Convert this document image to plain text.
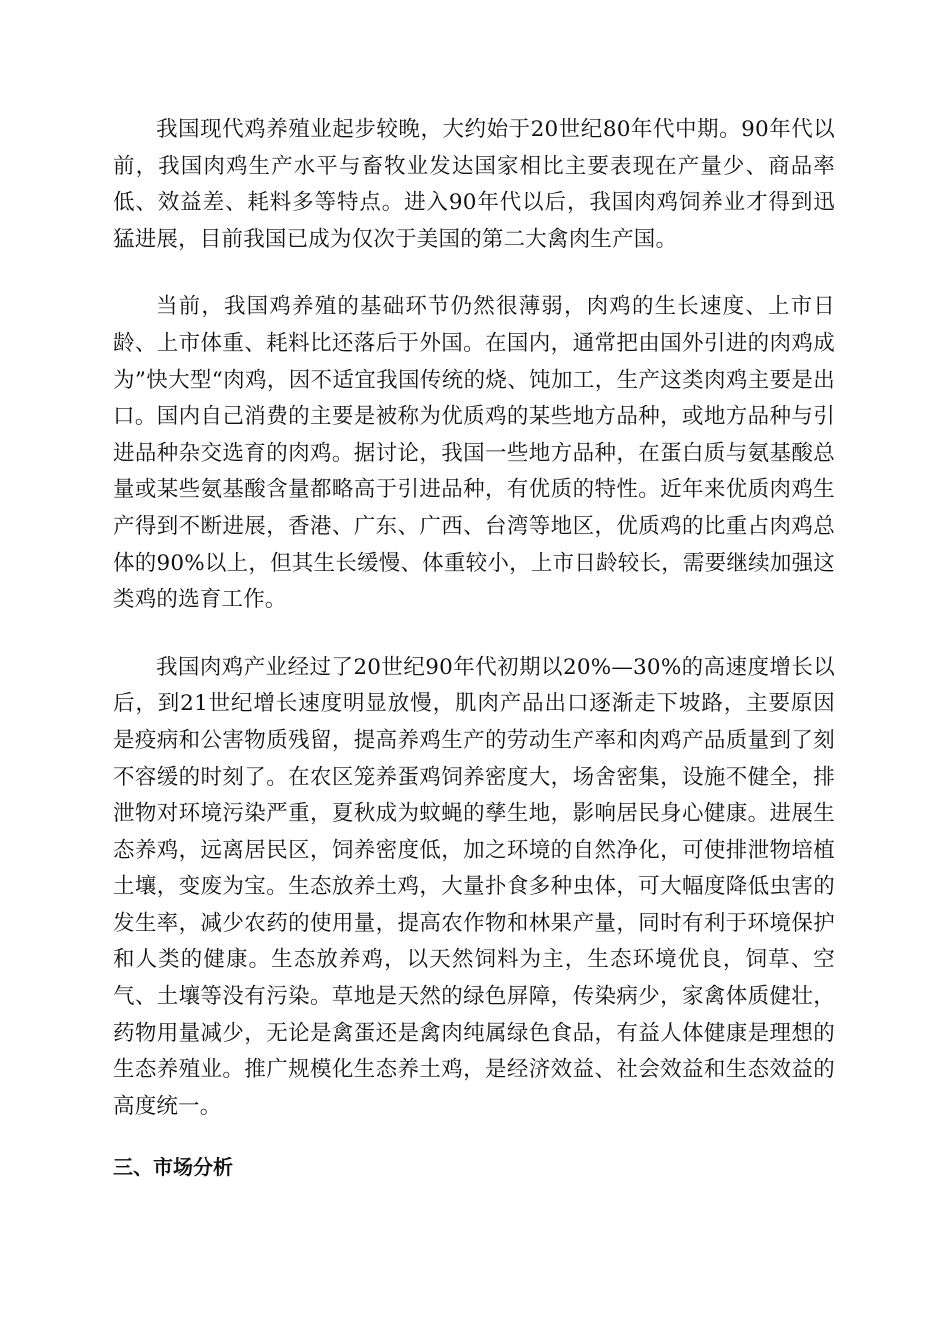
我国现代鸡养殖业起步较晚，大约始于20世纪80年代中期。90年代以前，我国肉鸡生产水平与畜牧业发达国家相比主要表现在产量少、商品率低、效益差、耗料多等特点。进入90年代以后，我国肉鸡饲养业才得到迅猛进展，目前我国已成为仅次于美国的第二大禽肉生产国。

当前，我国鸡养殖的基础环节仍然很薄弱，肉鸡的生长速度、上市日龄、上市体重、耗料比还落后于外国。在国内，通常把由国外引进的肉鸡成为”快大型“肉鸡，因不适宜我国传统的烧、饨加工，生产这类肉鸡主要是出口。国内自己消费的主要是被称为优质鸡的某些地方品种，或地方品种与引进品种杂交选育的肉鸡。据讨论，我国一些地方品种，在蛋白质与氨基酸总量或某些氨基酸含量都略高于引进品种，有优质的特性。近年来优质肉鸡生产得到不断进展，香港、广东、广西、台湾等地区，优质鸡的比重占肉鸡总体的90%以上，但其生长缓慢、体重较小，上市日龄较长，需要继续加强这类鸡的选育工作。

我国肉鸡产业经过了20世纪90年代初期以20%—30%的高速度增长以后，到21世纪增长速度明显放慢，肌肉产品出口逐渐走下坡路，主要原因是疫病和公害物质残留，提高养鸡生产的劳动生产率和肉鸡产品质量到了刻不容缓的时刻了。在农区笼养蛋鸡饲养密度大，场舍密集，设施不健全，排泄物对环境污染严重，夏秋成为蚊蝇的孳生地，影响居民身心健康。进展生态养鸡，远离居民区，饲养密度低，加之环境的自然净化，可使排泄物培植土壤，变废为宝。生态放养土鸡，大量扑食多种虫体，可大幅度降低虫害的发生率，减少农药的使用量，提高农作物和林果产量，同时有利于环境保护和人类的健康。生态放养鸡，以天然饲料为主，生态环境优良，饲草、空气、土壤等没有污染。草地是天然的绿色屏障，传染病少，家禽体质健壮，药物用量减少，无论是禽蛋还是禽肉纯属绿色食品，有益人体健康是理想的生态养殖业。推广规模化生态养土鸡，是经济效益、社会效益和生态效益的高度统一。

三、市场分析
